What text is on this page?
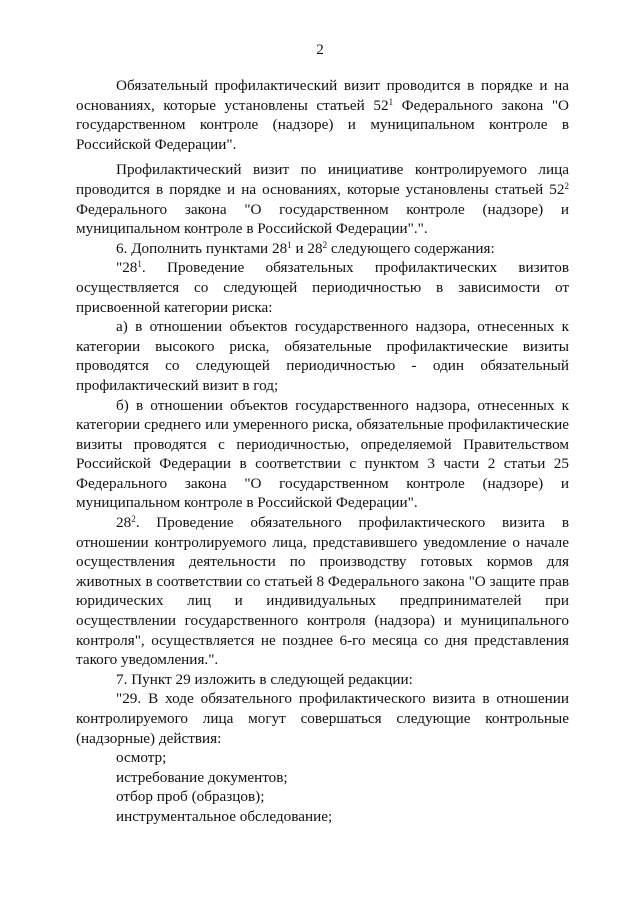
2

Обязательный профилактический визит проводится в порядке и на основаниях, которые установлены статьей $52^1$ Федерального закона "О государственном контроле (надзоре) и муниципальном контроле в Российской Федерации".

Профилактический визит по инициативе контролируемого лица проводится в порядке и на основаниях, которые установлены статьей $52^2$ Федерального закона "О государственном контроле (надзоре) и муниципальном контроле в Российской Федерации".".

6. Дополнить пунктами $28^1$ и $28^2$ следующего содержания:

"$28^1$. Проведение обязательных профилактических визитов осуществляется со следующей периодичностью в зависимости от присвоенной категории риска:

а) в отношении объектов государственного надзора, отнесенных к категории высокого риска, обязательные профилактические визиты проводятся со следующей периодичностью - один обязательный профилактический визит в год;

б) в отношении объектов государственного надзора, отнесенных к категории среднего или умеренного риска, обязательные профилактические визиты проводятся с периодичностью, определяемой Правительством Российской Федерации в соответствии с пунктом 3 части 2 статьи 25 Федерального закона "О государственном контроле (надзоре) и муниципальном контроле в Российской Федерации".

$28^2$. Проведение обязательного профилактического визита в отношении контролируемого лица, представившего уведомление о начале осуществления деятельности по производству готовых кормов для животных в соответствии со статьей 8 Федерального закона "О защите прав юридических лиц и индивидуальных предпринимателей при осуществлении государственного контроля (надзора) и муниципального контроля", осуществляется не позднее 6-го месяца со дня представления такого уведомления.".

7. Пункт 29 изложить в следующей редакции:

"29. В ходе обязательного профилактического визита в отношении контролируемого лица могут совершаться следующие контрольные (надзорные) действия:

осмотр;

истребование документов;

отбор проб (образцов);

инструментальное обследование;
